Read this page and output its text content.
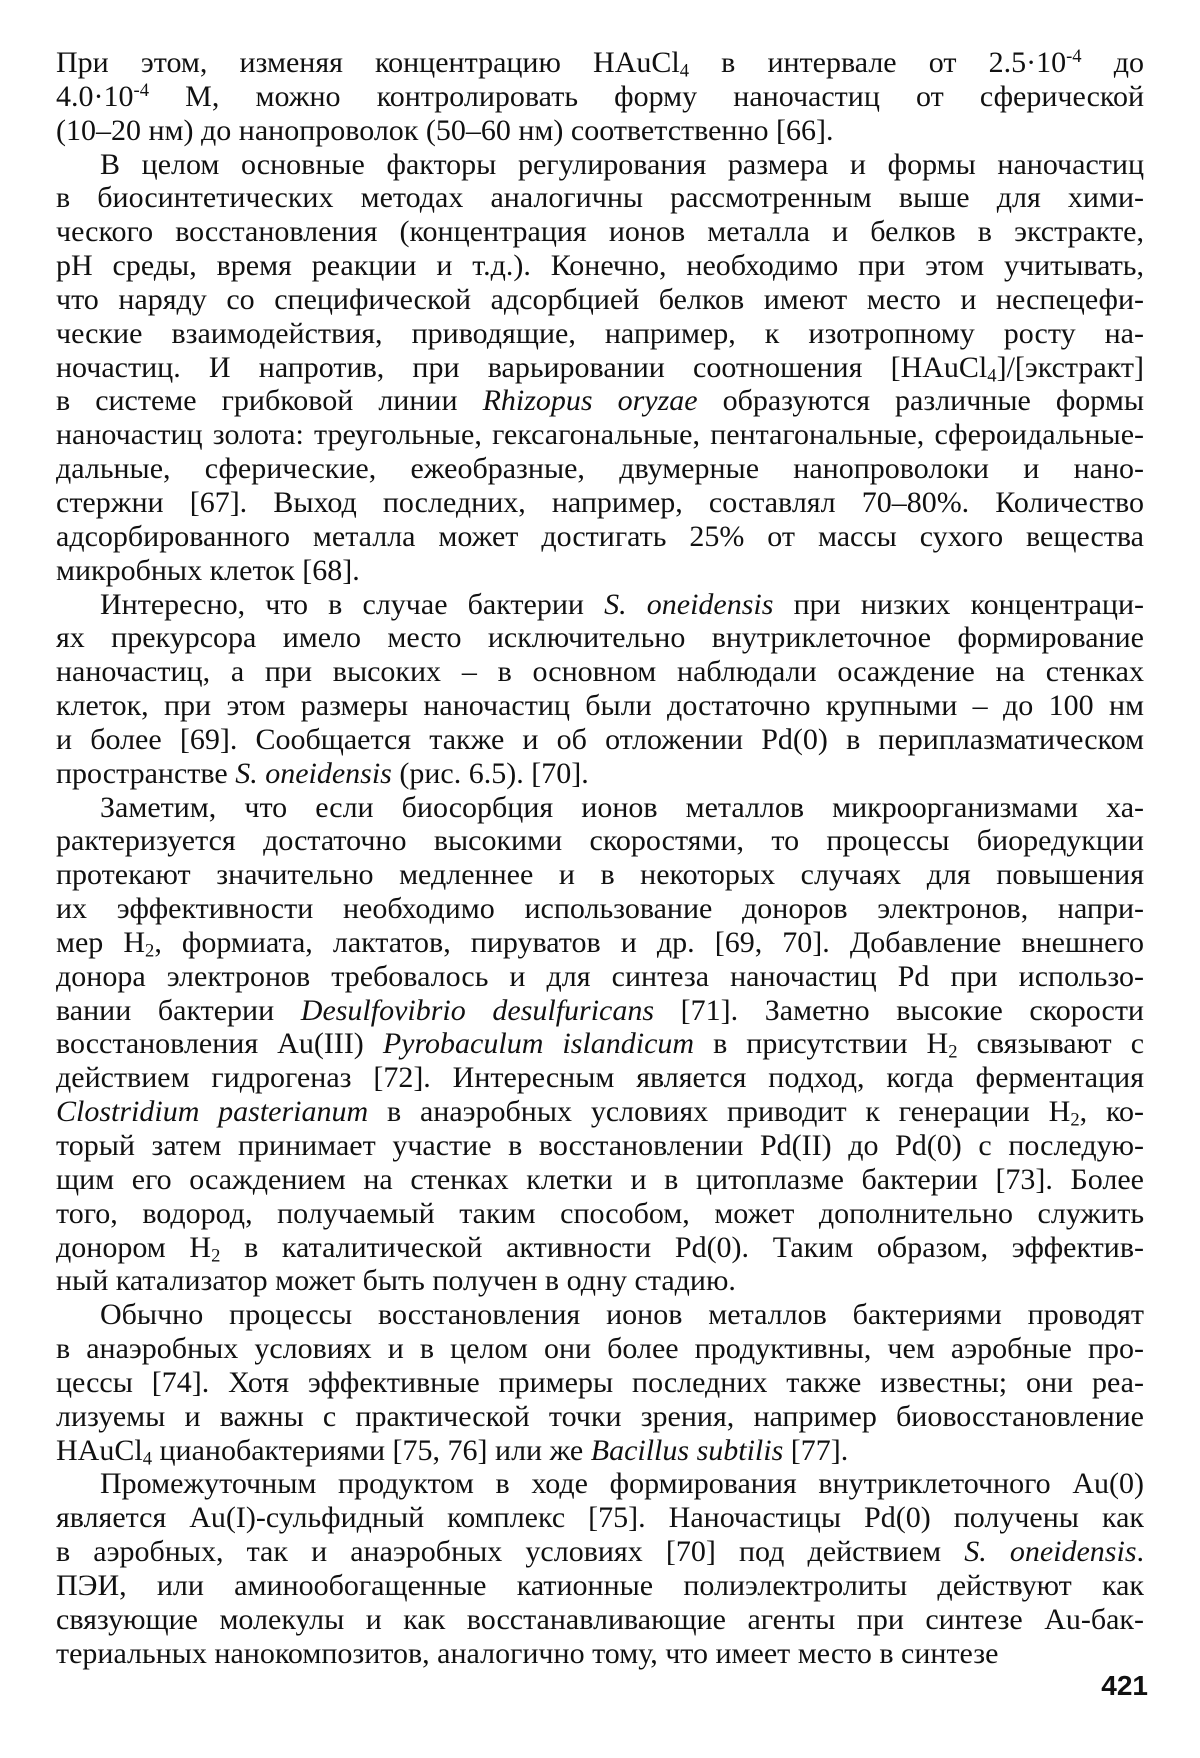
При этом, изменяя концентрацию HAuCl$_4$ в интервале от $2.5\cdot 10^{-4}$ до
$4.0\cdot 10^{-4}$ М, можно контролировать форму наночастиц от сферической
(10–20 нм) до нанопроволок (50–60 нм) соответственно [66].
В целом основные факторы регулирования размера и формы наночастиц
в биосинтетических методах аналогичны рассмотренным выше для хими-
ческого восстановления (концентрация ионов металла и белков в экстракте,
pH среды, время реакции и т.д.). Конечно, необходимо при этом учитывать,
что наряду со специфической адсорбцией белков имеют место и неспецефи-
ческие взаимодействия, приводящие, например, к изотропному росту на-
ночастиц. И напротив, при варьировании соотношения [HAuCl$_4$]/[экстракт]
в системе грибковой линии Rhizopus oryzae образуются различные формы
наночастиц золота: треугольные, гексагональные, пентагональные, сфероидальные-
дальные, сферические, ежеобразные, двумерные нанопроволоки и нано-
стержни [67]. Выход последних, например, составлял 70–80%. Количество
адсорбированного металла может достигать 25% от массы сухого вещества
микробных клеток [68].
Интересно, что в случае бактерии S. oneidensis при низких концентраци-
ях прекурсора имело место исключительно внутриклеточное формирование
наночастиц, а при высоких – в основном наблюдали осаждение на стенках
клеток, при этом размеры наночастиц были достаточно крупными – до 100 нм
и более [69]. Сообщается также и об отложении Pd(0) в периплазматическом
пространстве S. oneidensis (рис. 6.5). [70].
Заметим, что если биосорбция ионов металлов микроорганизмами ха-
рактеризуется достаточно высокими скоростями, то процессы биоредукции
протекают значительно медленнее и в некоторых случаях для повышения
их эффективности необходимо использование доноров электронов, напри-
мер $H_2$, формиата, лактатов, пируватов и др. [69, 70]. Добавление внешнего
донора электронов требовалось и для синтеза наночастиц Pd при использо-
вании бактерии Desulfovibrio desulfuricans [71]. Заметно высокие скорости
восстановления Au(III) Pyrobaculum islandicum в присутствии $H_2$ связывают с
действием гидрогеназ [72]. Интересным является подход, когда ферментация
Clostridium pasterianum в анаэробных условиях приводит к генерации $H_2$, ко-
торый затем принимает участие в восстановлении Pd(II) до Pd(0) с последую-
щим его осаждением на стенках клетки и в цитоплазме бактерии [73]. Более
того, водород, получаемый таким способом, может дополнительно служить
донором $H_2$ в каталитической активности Pd(0). Таким образом, эффектив-
ный катализатор может быть получен в одну стадию.
Обычно процессы восстановления ионов металлов бактериями проводят
в анаэробных условиях и в целом они более продуктивны, чем аэробные про-
цессы [74]. Хотя эффективные примеры последних также известны; они реа-
лизуемы и важны с практической точки зрения, например биовосстановление
HAuCl$_4$ цианобактериями [75, 76] или же Bacillus subtilis [77].
Промежуточным продуктом в ходе формирования внутриклеточного Au(0)
является Au(I)-сульфидный комплекс [75]. Наночастицы Pd(0) получены как
в аэробных, так и анаэробных условиях [70] под действием S. oneidensis.
ПЭИ, или аминообогащенные катионные полиэлектролиты действуют как
связующие молекулы и как восстанавливающие агенты при синтезе Au-бак-
териальных нанокомпозитов, аналогично тому, что имеет место в синтезе
421
